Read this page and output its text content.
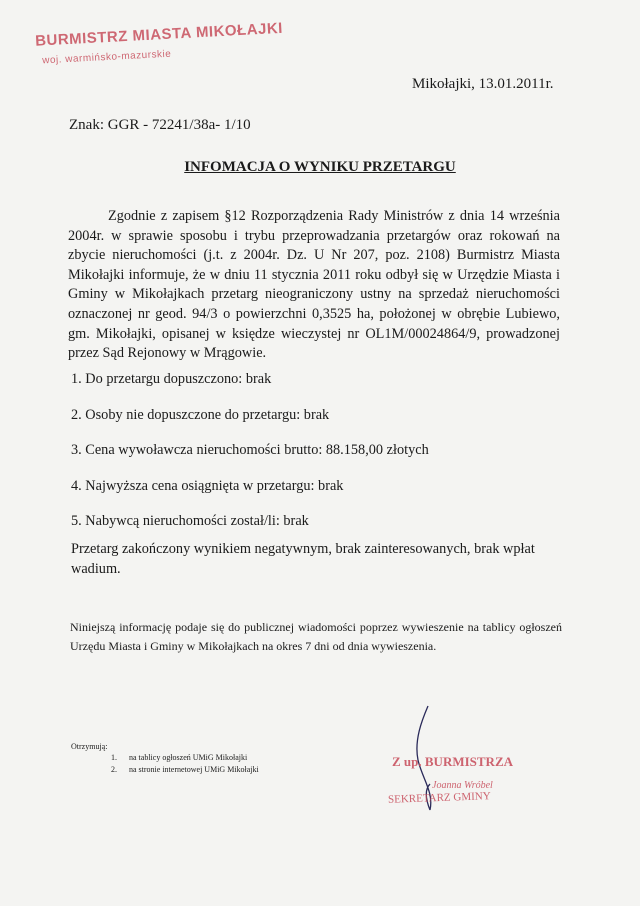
BURMISTRZ MIASTA MIKOŁAJKI
woj. warmińsko-mazurskie
Mikołajki, 13.01.2011r.
Znak: GGR - 72241/38a- 1/10
INFOMACJA O WYNIKU PRZETARGU

Zgodnie z zapisem §12 Rozporządzenia Rady Ministrów z dnia 14 września 2004r. w sprawie sposobu i trybu przeprowadzania przetargów oraz rokowań na zbycie nieruchomości (j.t. z 2004r. Dz. U Nr 207, poz. 2108) Burmistrz Miasta Mikołajki informuje, że w dniu 11 stycznia 2011 roku odbył się w Urzędzie Miasta i Gminy w Mikołajkach przetarg nieograniczony ustny na sprzedaż nieruchomości oznaczonej nr geod. 94/3 o powierzchni 0,3525 ha, położonej w obrębie Lubiewo, gm. Mikołajki, opisanej w księdze wieczystej nr OL1M/00024864/9, prowadzonej przez Sąd Rejonowy w Mrągowie.

1. Do przetargu dopuszczono: brak
2. Osoby nie dopuszczone do przetargu: brak
3. Cena wywoławcza nieruchomości brutto: 88.158,00 złotych
4. Najwyższa cena osiągnięta w przetargu: brak
5. Nabywcą nieruchomości został/li: brak
Przetarg zakończony wynikiem negatywnym, brak zainteresowanych, brak wpłat wadium.
Niniejszą informację podaje się do publicznej wiadomości poprzez wywieszenie na tablicy ogłoszeń Urzędu Miasta i Gminy w Mikołajkach na okres 7 dni od dnia wywieszenia.
Otrzymują:
1. na tablicy ogłoszeń UMiG Mikołajki
2. na stronie internetowej UMiG Mikołajki
Z up. BURMISTRZA
Joanna Wróbel
SEKRETARZ GMINY
